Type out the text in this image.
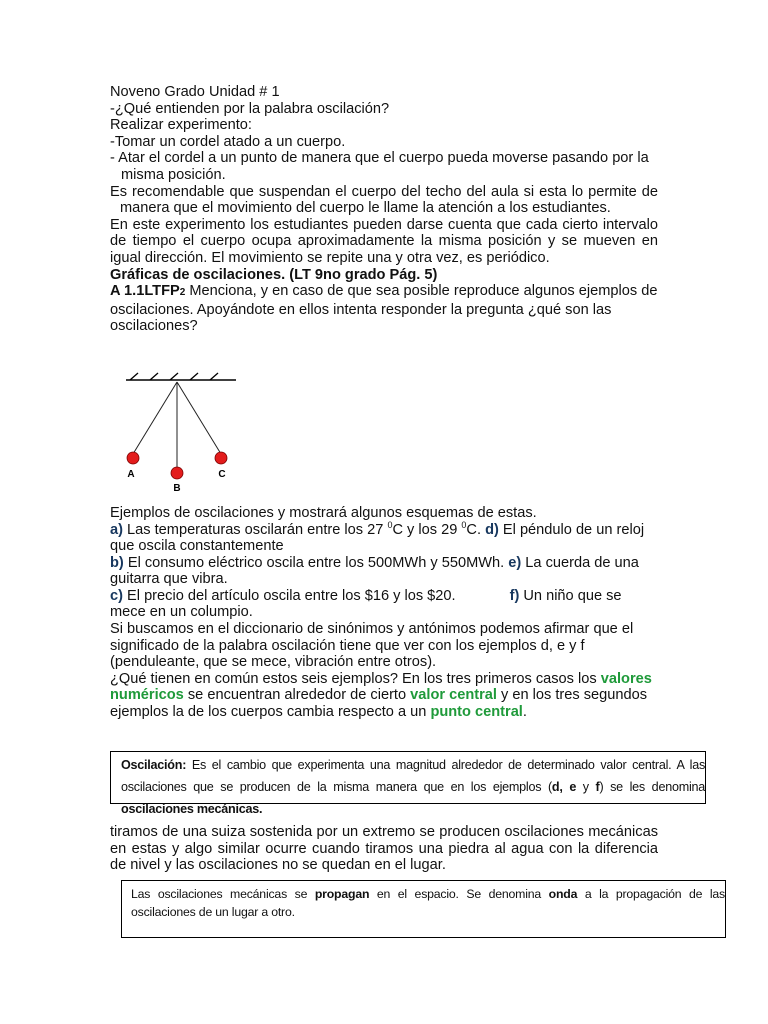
Noveno Grado Unidad # 1

-¿Qué entienden por la palabra oscilación?

Realizar experimento:

-Tomar un cordel atado a un cuerpo.

- Atar el cordel a un punto de manera que el cuerpo pueda moverse pasando por la misma posición.

Es recomendable que suspendan el cuerpo del techo del aula si esta lo permite de manera que el movimiento del cuerpo le llame la atención a los estudiantes.

En este experimento los estudiantes pueden darse cuenta que cada cierto intervalo de tiempo el cuerpo ocupa aproximadamente la misma posición y se mueven en igual dirección. El movimiento se repite una y otra vez, es periódico.

Gráficas de oscilaciones. (LT 9no grado Pág. 5)

A 1.1LTFP2 Menciona, y en caso de que sea posible reproduce algunos ejemplos de oscilaciones. Apoyándote en ellos intenta responder la pregunta ¿qué son las oscilaciones?

Ejemplos de oscilaciones y mostrará algunos esquemas de estas.

a) Las temperaturas oscilarán entre los 27 $^0$C y los 29 $^0$C. d) El péndulo de un reloj que oscila constantemente

b) El consumo eléctrico oscila entre los 500MWh y 550MWh. e) La cuerda de una guitarra que vibra.

c) El precio del artículo oscila entre los $16 y los $20.	f) Un niño que se mece en un columpio.

Si buscamos en el diccionario de sinónimos y antónimos podemos afirmar que el significado de la palabra oscilación tiene que ver con los ejemplos d, e y f (penduleante, que se mece, vibración entre otros).

¿Qué tienen en común estos seis ejemplos? En los tres primeros casos los valores numéricos se encuentran alrededor de cierto valor central y en los tres segundos ejemplos la de los cuerpos cambia respecto a un punto central.

A
B
C
Oscilación: Es el cambio que experimenta una magnitud alrededor de determinado valor central. A las oscilaciones que se producen de la misma manera que en los ejemplos (d, e y f) se les denomina oscilaciones mecánicas.

tiramos de una suiza sostenida por un extremo se producen oscilaciones mecánicas en estas y algo similar ocurre cuando tiramos una piedra al agua con la diferencia de nivel y las oscilaciones no se quedan en el lugar.

Las oscilaciones mecánicas se propagan en el espacio. Se denomina onda a la propagación de las oscilaciones de un lugar a otro.
